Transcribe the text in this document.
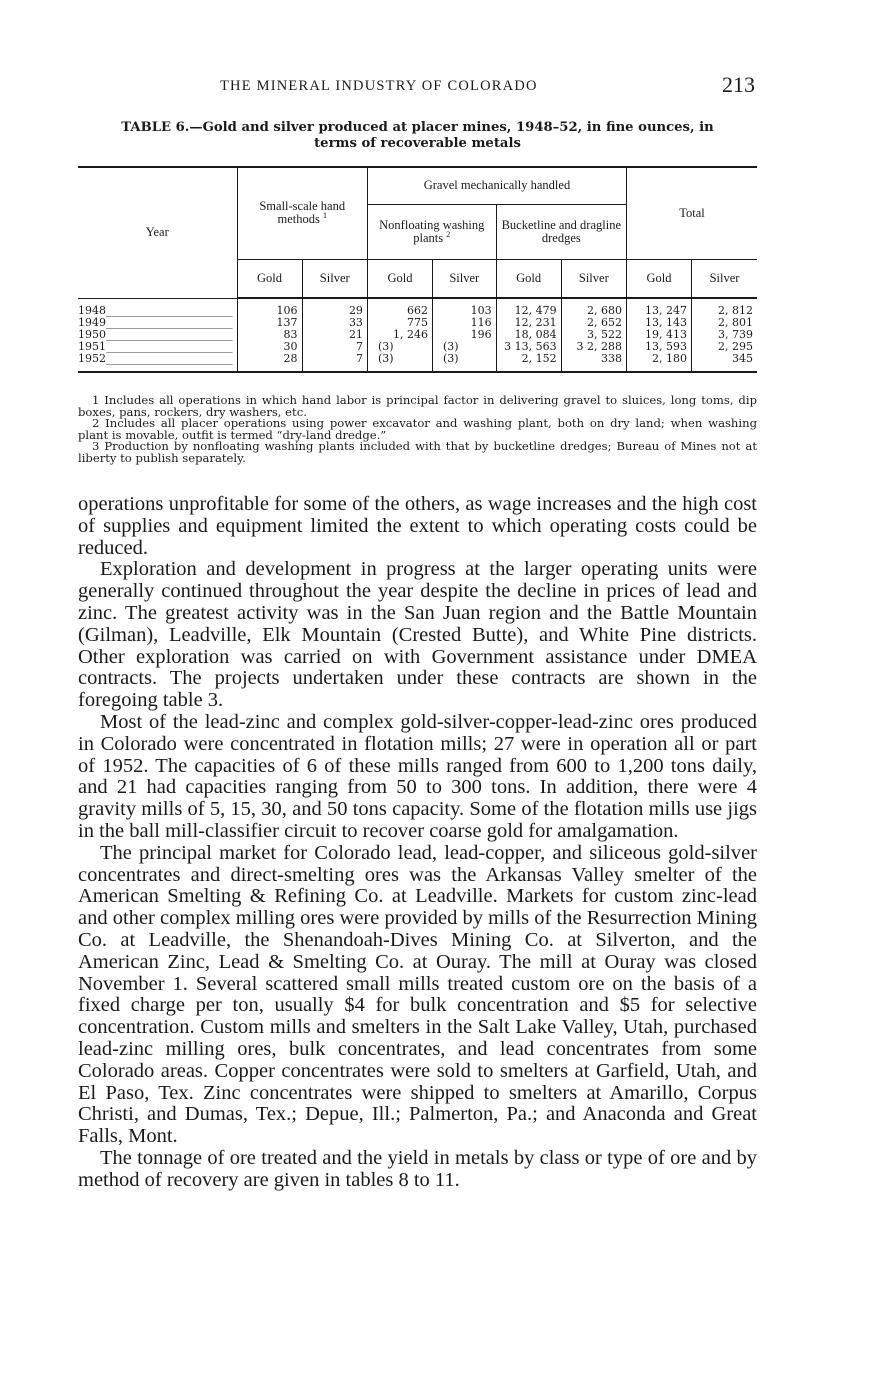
THE MINERAL INDUSTRY OF COLORADO	213
TABLE 6.—Gold and silver produced at placer mines, 1948–52, in fine ounces, in
terms of recoverable metals
Year	Small-scale hand methods $^1$		Gravel mechanically handled				Total	
			Nonfloating washing plants $^2$		Bucketline and dragline dredges			
	Gold	Silver	Gold	Silver	Gold	Silver	Gold	Silver
1948_______________________	106	29	662	103	12, 479	2, 680	13, 247	2, 812
1949_______________________	137	33	775	116	12, 231	2, 652	13, 143	2, 801
1950_______________________	83	21	1, 246	196	18, 084	3, 522	19, 413	3, 739
1951_______________________	30	7	(3)	(3)	3 13, 563	3 2, 288	13, 593	2, 295
1952_______________________	28	7	(3)	(3)	2, 152	338	2, 180	345

1 Includes all operations in which hand labor is principal factor in delivering gravel to sluices, long toms, dip boxes, pans, rockers, dry washers, etc.

2 Includes all placer operations using power excavator and washing plant, both on dry land; when washing plant is movable, outfit is termed “dry-land dredge.”

3 Production by nonfloating washing plants included with that by bucketline dredges; Bureau of Mines not at liberty to publish separately.

operations unprofitable for some of the others, as wage increases and the high cost of supplies and equipment limited the extent to which operating costs could be reduced.

Exploration and development in progress at the larger operating units were generally continued throughout the year despite the decline in prices of lead and zinc. The greatest activity was in the San Juan region and the Battle Mountain (Gilman), Leadville, Elk Mountain (Crested Butte), and White Pine districts. Other exploration was carried on with Government assistance under DMEA contracts. The projects undertaken under these contracts are shown in the foregoing table 3.

Most of the lead-zinc and complex gold-silver-copper-lead-zinc ores produced in Colorado were concentrated in flotation mills; 27 were in operation all or part of 1952. The capacities of 6 of these mills ranged from 600 to 1,200 tons daily, and 21 had capacities ranging from 50 to 300 tons. In addition, there were 4 gravity mills of 5, 15, 30, and 50 tons capacity. Some of the flotation mills use jigs in the ball mill-classifier circuit to recover coarse gold for amalgamation.

The principal market for Colorado lead, lead-copper, and siliceous gold-silver concentrates and direct-smelting ores was the Arkansas Valley smelter of the American Smelting & Refining Co. at Leadville. Markets for custom zinc-lead and other complex milling ores were provided by mills of the Resurrection Mining Co. at Leadville, the Shenandoah-Dives Mining Co. at Silverton, and the American Zinc, Lead & Smelting Co. at Ouray. The mill at Ouray was closed November 1. Several scattered small mills treated custom ore on the basis of a fixed charge per ton, usually $4 for bulk concentration and $5 for selective concentration. Custom mills and smelters in the Salt Lake Valley, Utah, purchased lead-zinc milling ores, bulk concentrates, and lead concentrates from some Colorado areas. Copper concentrates were sold to smelters at Garfield, Utah, and El Paso, Tex. Zinc concentrates were shipped to smelters at Amarillo, Corpus Christi, and Dumas, Tex.; Depue, Ill.; Palmerton, Pa.; and Anaconda and Great Falls, Mont.

The tonnage of ore treated and the yield in metals by class or type of ore and by method of recovery are given in tables 8 to 11.
